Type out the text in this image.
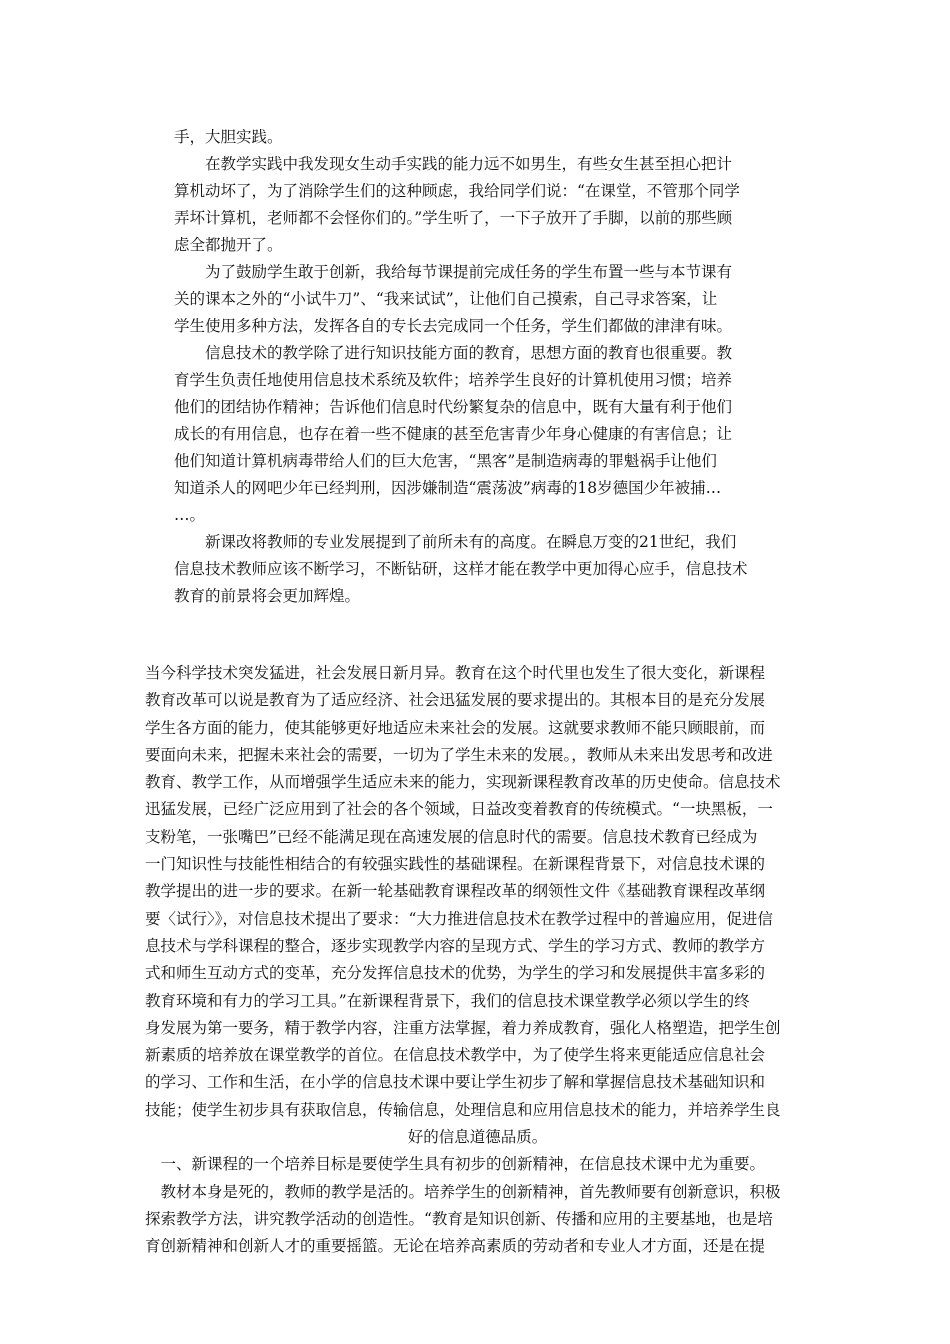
手，大胆实践。
　　在教学实践中我发现女生动手实践的能力远不如男生，有些女生甚至担心把计
算机动坏了，为了消除学生们的这种顾虑，我给同学们说：“在课堂，不管那个同学
弄坏计算机，老师都不会怪你们的。”学生听了，一下子放开了手脚，以前的那些顾
虑全都抛开了。
　　为了鼓励学生敢于创新，我给每节课提前完成任务的学生布置一些与本节课有
关的课本之外的“小试牛刀”、“我来试试”，让他们自己摸索，自己寻求答案，让
学生使用多种方法，发挥各自的专长去完成同一个任务，学生们都做的津津有味。
　　信息技术的教学除了进行知识技能方面的教育，思想方面的教育也很重要。教
育学生负责任地使用信息技术系统及软件；培养学生良好的计算机使用习惯；培养
他们的团结协作精神；告诉他们信息时代纷繁复杂的信息中，既有大量有利于他们
成长的有用信息，也存在着一些不健康的甚至危害青少年身心健康的有害信息；让
他们知道计算机病毒带给人们的巨大危害，“黑客”是制造病毒的罪魁祸手让他们
知道杀人的网吧少年已经判刑，因涉嫌制造“震荡波”病毒的18岁德国少年被捕…
…。
　　新课改将教师的专业发展提到了前所未有的高度。在瞬息万变的21世纪，我们
信息技术教师应该不断学习，不断钻研，这样才能在教学中更加得心应手，信息技术
教育的前景将会更加辉煌。
当今科学技术突发猛进，社会发展日新月异。教育在这个时代里也发生了很大变化，新课程
教育改革可以说是教育为了适应经济、社会迅猛发展的要求提出的。其根本目的是充分发展
学生各方面的能力，使其能够更好地适应未来社会的发展。这就要求教师不能只顾眼前，而
要面向未来，把握未来社会的需要，一切为了学生未来的发展。，教师从未来出发思考和改进
教育、教学工作，从而增强学生适应未来的能力，实现新课程教育改革的历史使命。信息技术
迅猛发展，已经广泛应用到了社会的各个领域，日益改变着教育的传统模式。“一块黑板，一
支粉笔，一张嘴巴”已经不能满足现在高速发展的信息时代的需要。信息技术教育已经成为
一门知识性与技能性相结合的有较强实践性的基础课程。在新课程背景下，对信息技术课的
教学提出的进一步的要求。在新一轮基础教育课程改革的纲领性文件《基础教育课程改革纲
要〈试行〉》，对信息技术提出了要求：“大力推进信息技术在教学过程中的普遍应用，促进信
息技术与学科课程的整合，逐步实现教学内容的呈现方式、学生的学习方式、教师的教学方
式和师生互动方式的变革，充分发挥信息技术的优势，为学生的学习和发展提供丰富多彩的
教育环境和有力的学习工具。”在新课程背景下，我们的信息技术课堂教学必须以学生的终
身发展为第一要务，精于教学内容，注重方法掌握，着力养成教育，强化人格塑造，把学生创
新素质的培养放在课堂教学的首位。在信息技术教学中，为了使学生将来更能适应信息社会
的学习、工作和生活，在小学的信息技术课中要让学生初步了解和掌握信息技术基础知识和
技能；使学生初步具有获取信息，传输信息，处理信息和应用信息技术的能力，并培养学生良
好的信息道德品质。
　一、新课程的一个培养目标是要使学生具有初步的创新精神，在信息技术课中尤为重要。
　教材本身是死的，教师的教学是活的。培养学生的创新精神，首先教师要有创新意识，积极
探索教学方法，讲究教学活动的创造性。“教育是知识创新、传播和应用的主要基地，也是培
育创新精神和创新人才的重要摇篮。无论在培养高素质的劳动者和专业人才方面，还是在提
